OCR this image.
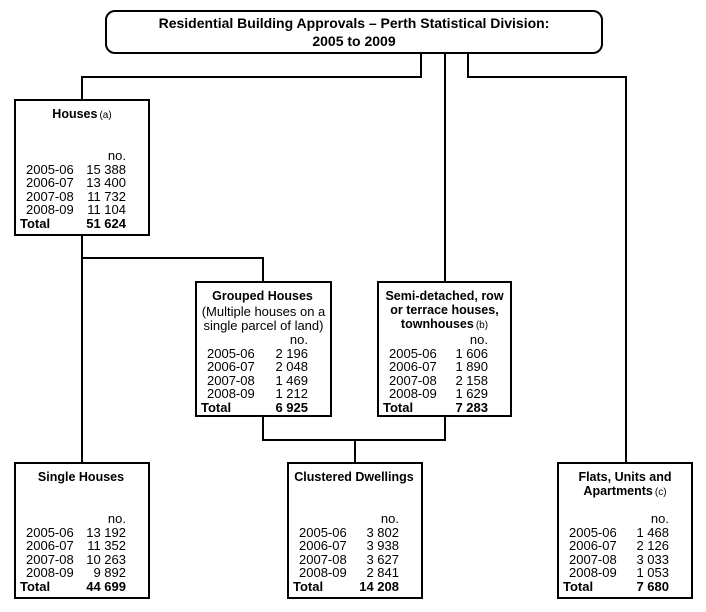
Residential Building Approvals – Perth Statistical Division:
2005 to 2009
Houses (a)
no.
2005-06 15 388
2006-07 13 400
2007-08	11 732
2008-09	11 104
Total	51 624
Grouped Houses
(Multiple houses on a
single parcel of land)
no.
2005-06	2 196
2006-07	2 048
2007-08	1 469
2008-09	1 212
Total	6 925
Semi-detached, row
or terrace houses,
townhouses (b)
no.
2005-06	1 606
2006-07	1 890
2007-08	2 158
2008-09	1 629
Total	7 283
Single Houses
no.
2005-06 13 192
2006-07	11 352
2007-08 10 263
2008-09	9 892
Total	44 699
Clustered Dwellings
no.
2005-06	3 802
2006-07	3 938
2007-08	3 627
2008-09	2 841
Total	14 208
Flats, Units and
Apartments (c)
no.
2005-06	1 468
2006-07	2 126
2007-08	3 033
2008-09	1 053
Total	7 680
